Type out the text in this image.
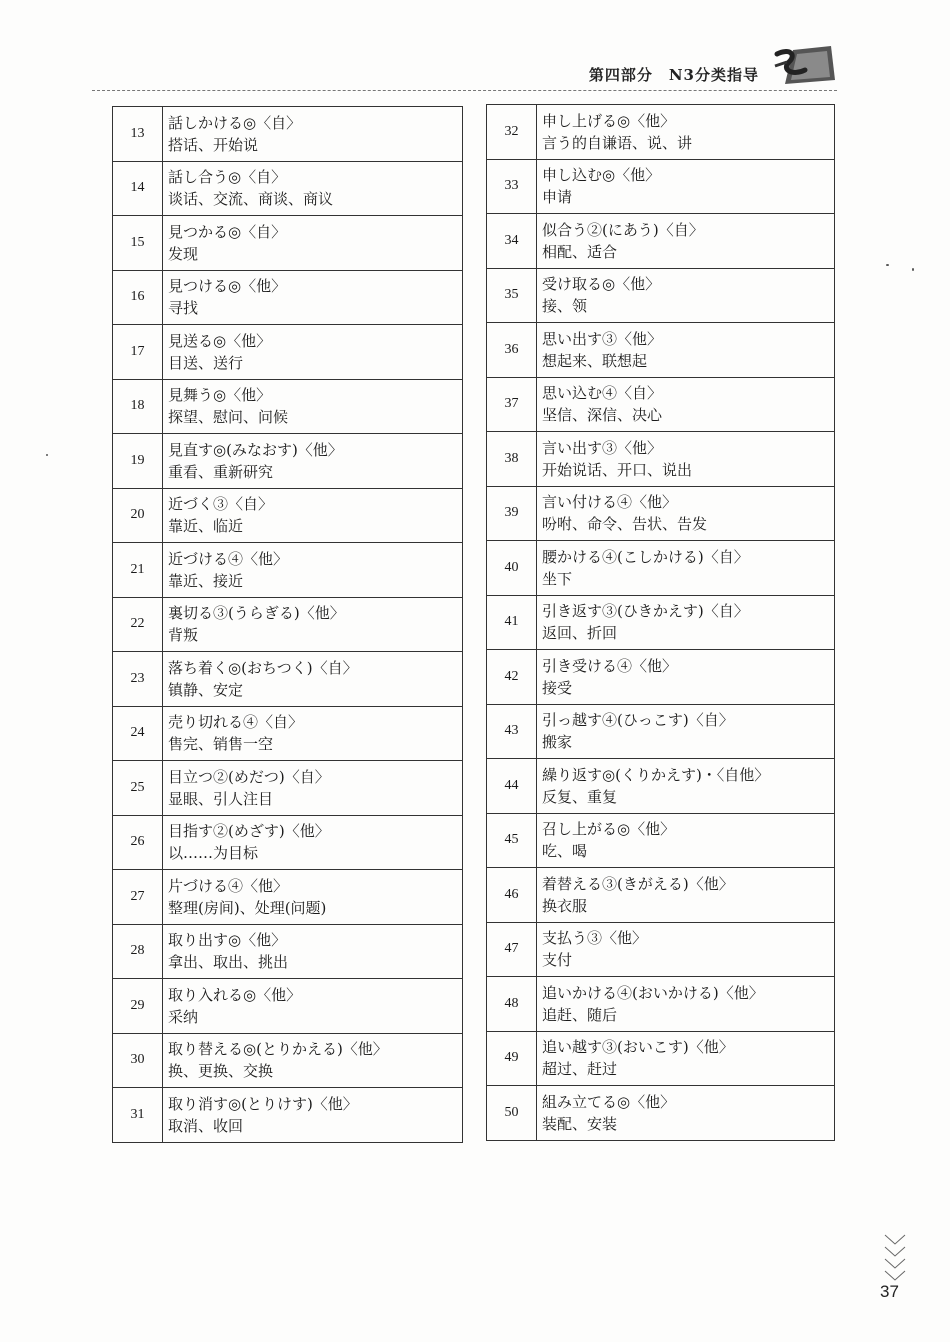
第四部分　N3分类指导
13	話しかける◎〈自〉
搭话、开始说

14	話し合う◎〈自〉
谈话、交流、商谈、商议

15	見つかる◎〈自〉
发现

16	見つける◎〈他〉
寻找

17	見送る◎〈他〉
目送、送行

18	見舞う◎〈他〉
探望、慰问、问候

19	見直す◎(みなおす)〈他〉
重看、重新研究

20	近づく③〈自〉
靠近、临近

21	近づける④〈他〉
靠近、接近

22	裏切る③(うらぎる)〈他〉
背叛

23	落ち着く◎(おちつく)〈自〉
镇静、安定

24	売り切れる④〈自〉
售完、销售一空

25	目立つ②(めだつ)〈自〉
显眼、引人注目

26	目指す②(めざす)〈他〉
以……为目标

27	片づける④〈他〉
整理(房间)、处理(问题)

28	取り出す◎〈他〉
拿出、取出、挑出

29	取り入れる◎〈他〉
采纳

30	取り替える◎(とりかえる)〈他〉
换、更换、交换

31	取り消す◎(とりけす)〈他〉
取消、收回
32	申し上げる◎〈他〉
言う的自谦语、说、讲

33	申し込む◎〈他〉
申请

34	似合う②(にあう)〈自〉
相配、适合

35	受け取る◎〈他〉
接、领

36	思い出す③〈他〉
想起来、联想起

37	思い込む④〈自〉
坚信、深信、决心

38	言い出す③〈他〉
开始说话、开口、说出

39	言い付ける④〈他〉
吩咐、命令、告状、告发

40	腰かける④(こしかける)〈自〉
坐下

41	引き返す③(ひきかえす)〈自〉
返回、折回

42	引き受ける④〈他〉
接受

43	引っ越す④(ひっこす)〈自〉
搬家

44	繰り返す◎(くりかえす)・〈自他〉
反复、重复

45	召し上がる◎〈他〉
吃、喝

46	着替える③(きがえる)〈他〉
换衣服

47	支払う③〈他〉
支付

48	追いかける④(おいかける)〈他〉
追赶、随后

49	追い越す③(おいこす)〈他〉
超过、赶过

50	組み立てる◎〈他〉
装配、安装
37
